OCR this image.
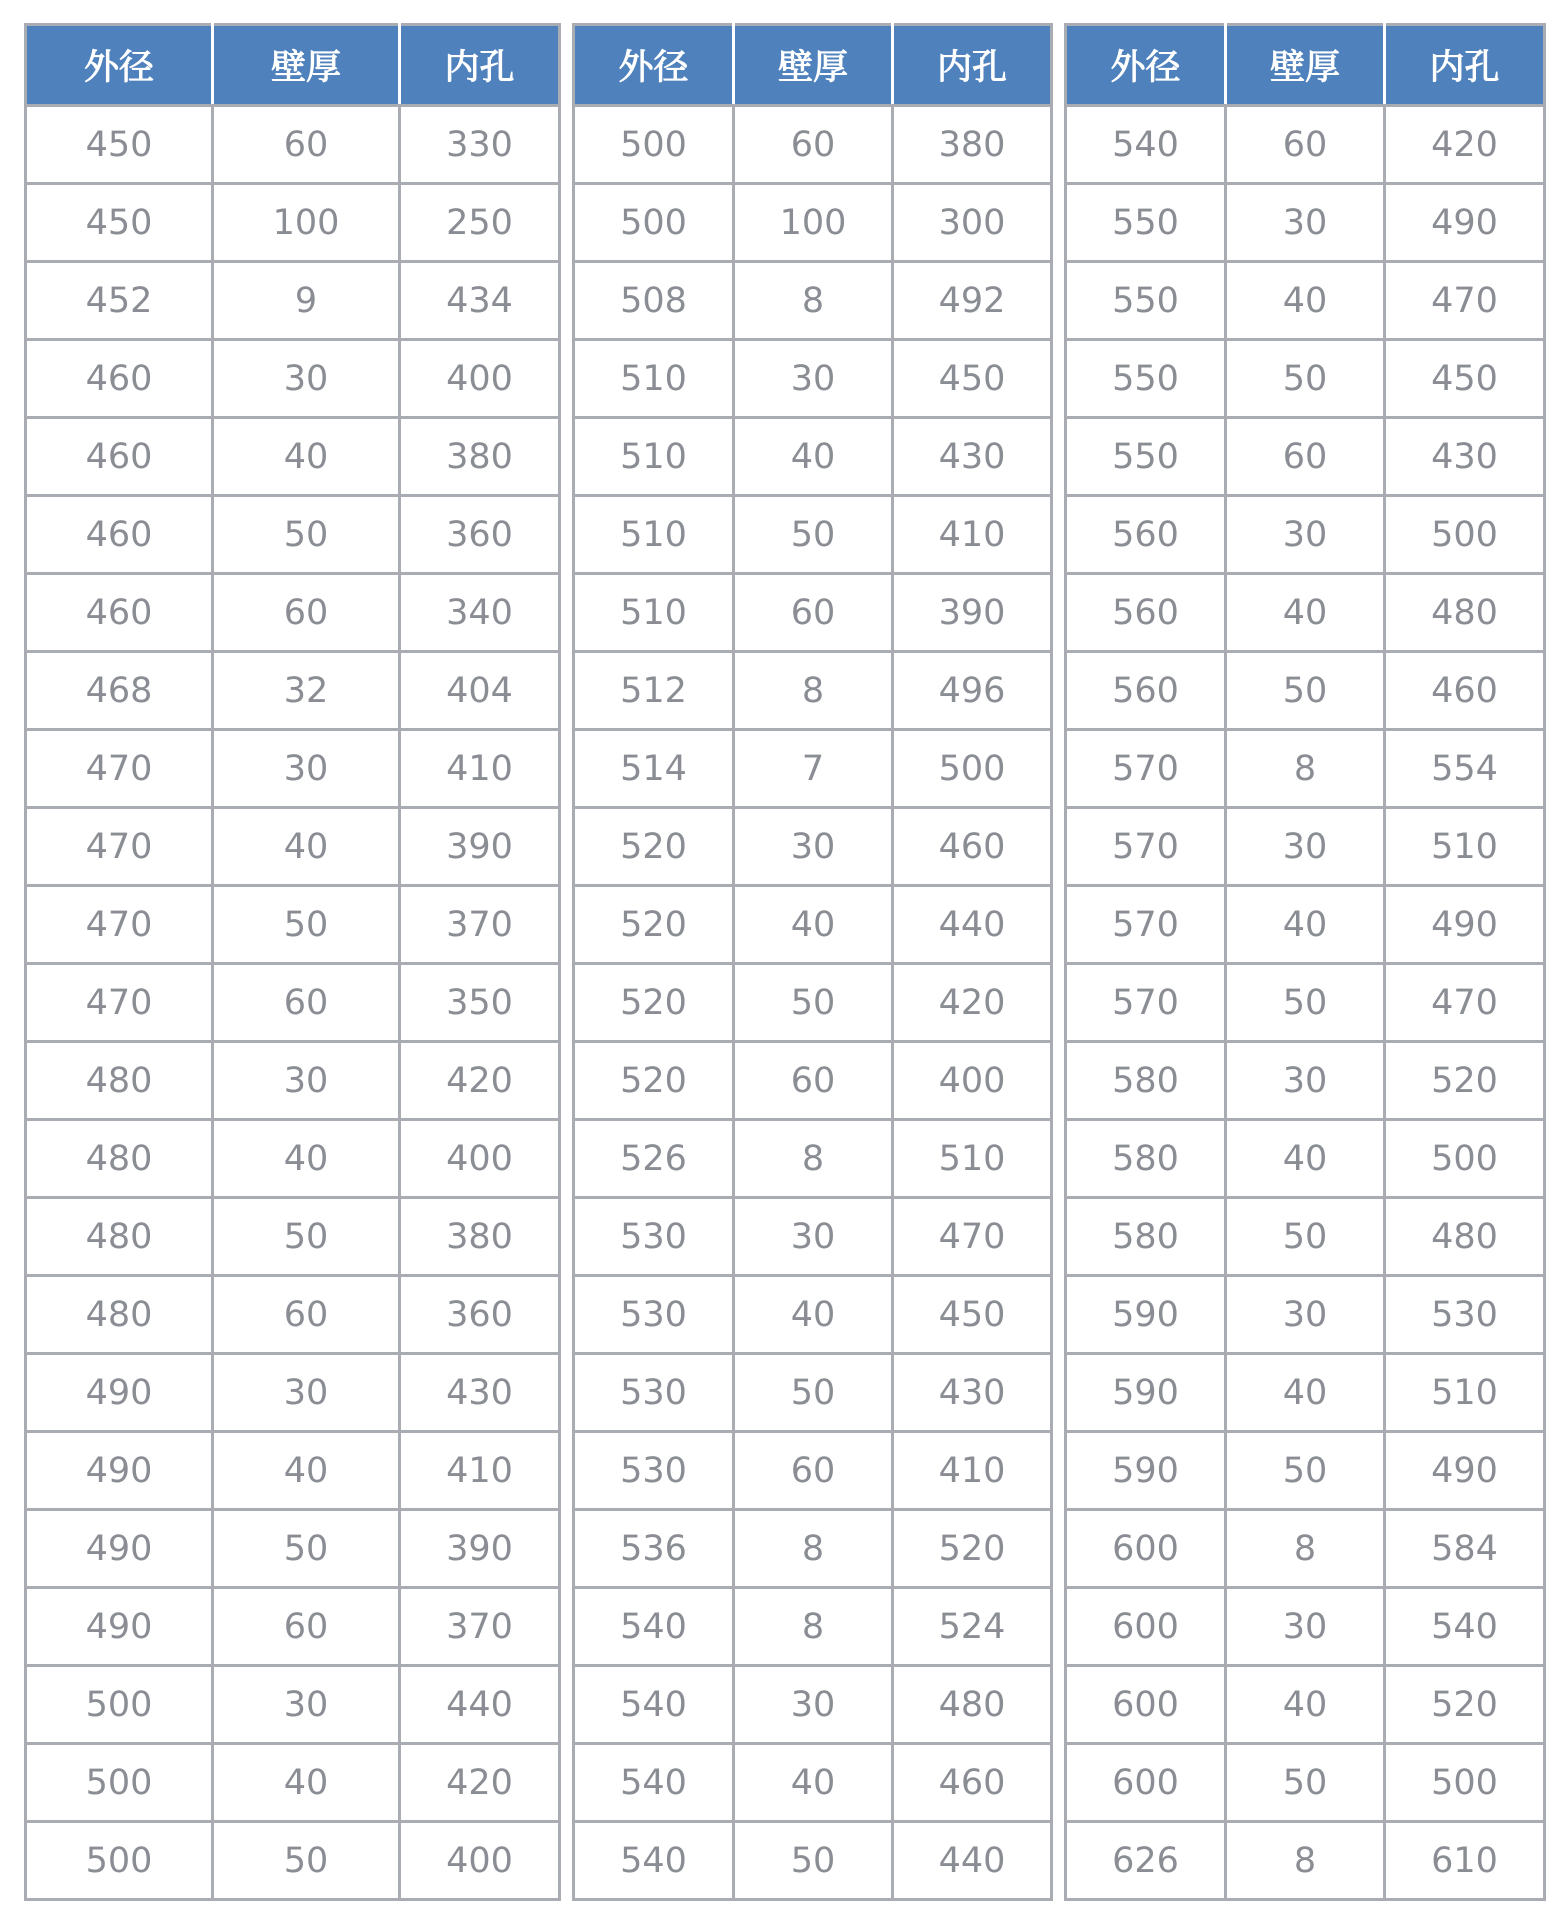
外径	壁厚	内孔
450	60	330
450	100	250
452	9	434
460	30	400
460	40	380
460	50	360
460	60	340
468	32	404
470	30	410
470	40	390
470	50	370
470	60	350
480	30	420
480	40	400
480	50	380
480	60	360
490	30	430
490	40	410
490	50	390
490	60	370
500	30	440
500	40	420
500	50	400
外径	壁厚	内孔
500	60	380
500	100	300
508	8	492
510	30	450
510	40	430
510	50	410
510	60	390
512	8	496
514	7	500
520	30	460
520	40	440
520	50	420
520	60	400
526	8	510
530	30	470
530	40	450
530	50	430
530	60	410
536	8	520
540	8	524
540	30	480
540	40	460
540	50	440
外径	壁厚	内孔
540	60	420
550	30	490
550	40	470
550	50	450
550	60	430
560	30	500
560	40	480
560	50	460
570	8	554
570	30	510
570	40	490
570	50	470
580	30	520
580	40	500
580	50	480
590	30	530
590	40	510
590	50	490
600	8	584
600	30	540
600	40	520
600	50	500
626	8	610
